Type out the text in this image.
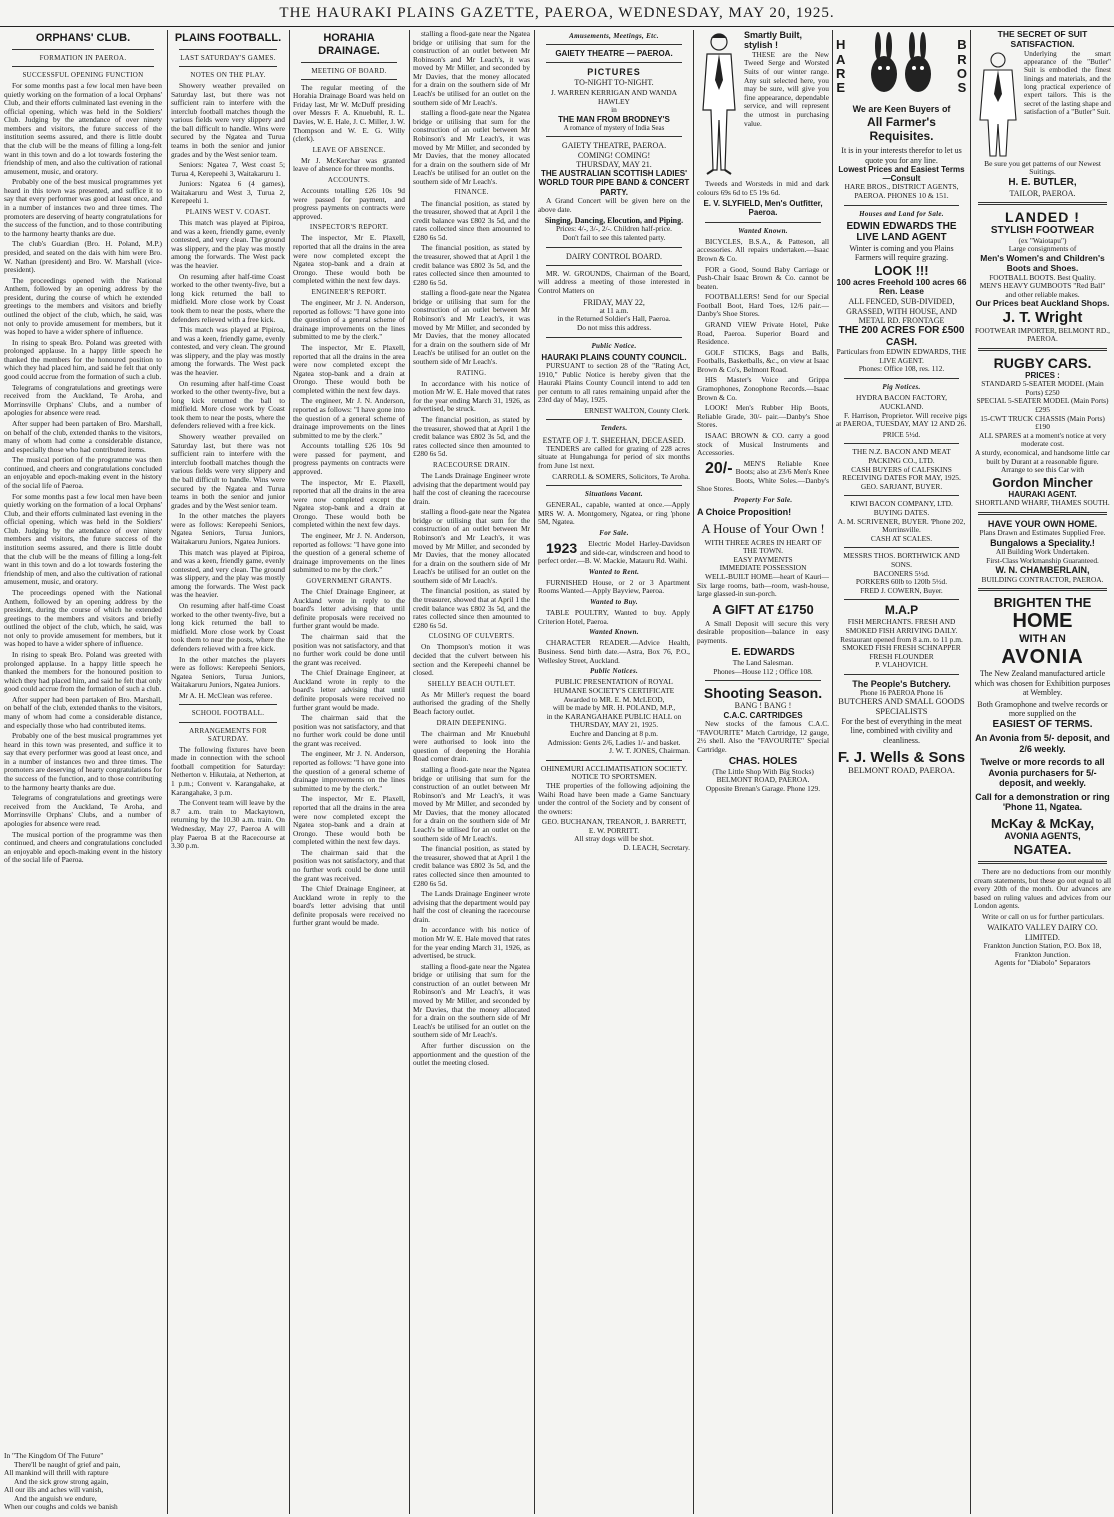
THE HAURAKI PLAINS GAZETTE, PAEROA, WEDNESDAY, MAY 20, 1925.
ORPHANS' CLUB.
FORMATION IN PAEROA.
SUCCESSFUL OPENING FUNCTION

For some months past a few local men have been quietly working on the formation of a local Orphans' Club, and their efforts culminated last evening in the official opening, which was held in the Soldiers' Club. Judging by the attendance of over ninety members and visitors, the future success of the institution seems assured, and there is little doubt that the club will be the means of filling a long-felt want in this town and do a lot towards fostering the friendship of men, and also the cultivation of rational amusement, music, and oratory.

Probably one of the best musical programmes yet heard in this town was presented, and suffice it to say that every performer was good at least once, and in a number of instances two and three times. The promoters are deserving of hearty congratulations for the success of the function, and to those contributing to the harmony hearty thanks are due.

The club's Guardian (Bro. H. Poland, M.P.) presided, and seated on the dais with him were Bro. W. Nathan (president) and Bro. W. Marshall (vice-president).

The proceedings opened with the National Anthem, followed by an opening address by the president, during the course of which he extended greetings to the members and visitors and briefly outlined the object of the club, which, he said, was not only to provide amusement for members, but it was hoped to have a wider sphere of influence.

In rising to speak Bro. Poland was greeted with prolonged applause. In a happy little speech he thanked the members for the honoured position to which they had placed him, and said he felt that only good could accrue from the formation of such a club.

Telegrams of congratulations and greetings were received from the Auckland, Te Aroha, and Morrinsville Orphans' Clubs, and a number of apologies for absence were read.

After supper had been partaken of Bro. Marshall, on behalf of the club, extended thanks to the visitors, many of whom had come a considerable distance, and especially those who had contributed items.

The musical portion of the programme was then continued, and cheers and congratulations concluded an enjoyable and epoch-making event in the history of the social life of Paeroa.

For some months past a few local men have been quietly working on the formation of a local Orphans' Club, and their efforts culminated last evening in the official opening, which was held in the Soldiers' Club. Judging by the attendance of over ninety members and visitors, the future success of the institution seems assured, and there is little doubt that the club will be the means of filling a long-felt want in this town and do a lot towards fostering the friendship of men, and also the cultivation of rational amusement, music, and oratory.

The proceedings opened with the National Anthem, followed by an opening address by the president, during the course of which he extended greetings to the members and visitors and briefly outlined the object of the club, which, he said, was not only to provide amusement for members, but it was hoped to have a wider sphere of influence.

In rising to speak Bro. Poland was greeted with prolonged applause. In a happy little speech he thanked the members for the honoured position to which they had placed him, and said he felt that only good could accrue from the formation of such a club.

After supper had been partaken of Bro. Marshall, on behalf of the club, extended thanks to the visitors, many of whom had come a considerable distance, and especially those who had contributed items.

Probably one of the best musical programmes yet heard in this town was presented, and suffice it to say that every performer was good at least once, and in a number of instances two and three times. The promoters are deserving of hearty congratulations for the success of the function, and to those contributing to the harmony hearty thanks are due.

Telegrams of congratulations and greetings were received from the Auckland, Te Aroha, and Morrinsville Orphans' Clubs, and a number of apologies for absence were read.

The musical portion of the programme was then continued, and cheers and congratulations concluded an enjoyable and epoch-making event in the history of the social life of Paeroa.

In "The Kingdom Of The Future"
There'll be naught of grief and pain,
All mankind will thrill with rapture
And the sick grow strong again,
All our ills and aches will vanish,
And the anguish we endure,
When our coughs and colds we banish
PLAINS FOOTBALL.
LAST SATURDAY'S GAMES.
NOTES ON THE PLAY.

Showery weather prevailed on Saturday last, but there was not sufficient rain to interfere with the interclub football matches though the various fields were very slippery and the ball difficult to handle. Wins were secured by the Ngatea and Turua teams in both the senior and junior grades and by the West senior team.

Seniors: Ngatea 7, West coast 5; Turua 4, Kerepeehi 3, Waitakaruru 1.

Juniors: Ngatea 6 (4 games), Waitakaruru and West 3, Turua 2, Kerepeehi 1.

PLAINS WEST V. COAST.

This match was played at Pipiroa, and was a keen, friendly game, evenly contested, and very clean. The ground was slippery, and the play was mostly among the forwards. The West pack was the heavier.

On resuming after half-time Coast worked to the other twenty-five, but a long kick returned the ball to midfield. More close work by Coast took them to near the posts, where the defenders relieved with a free kick.

This match was played at Pipiroa, and was a keen, friendly game, evenly contested, and very clean. The ground was slippery, and the play was mostly among the forwards. The West pack was the heavier.

On resuming after half-time Coast worked to the other twenty-five, but a long kick returned the ball to midfield. More close work by Coast took them to near the posts, where the defenders relieved with a free kick.

Showery weather prevailed on Saturday last, but there was not sufficient rain to interfere with the interclub football matches though the various fields were very slippery and the ball difficult to handle. Wins were secured by the Ngatea and Turua teams in both the senior and junior grades and by the West senior team.

In the other matches the players were as follows: Kerepeehi Seniors, Ngatea Seniors, Turua Juniors, Waitakaruru Juniors, Ngatea Juniors.

This match was played at Pipiroa, and was a keen, friendly game, evenly contested, and very clean. The ground was slippery, and the play was mostly among the forwards. The West pack was the heavier.

On resuming after half-time Coast worked to the other twenty-five, but a long kick returned the ball to midfield. More close work by Coast took them to near the posts, where the defenders relieved with a free kick.

In the other matches the players were as follows: Kerepeehi Seniors, Ngatea Seniors, Turua Juniors, Waitakaruru Juniors, Ngatea Juniors.

Mr A. H. McClean was referee.

SCHOOL FOOTBALL.
ARRANGEMENTS FOR SATURDAY.

The following fixtures have been made in connection with the school football competition for Saturday: Netherton v. Hikutaia, at Netherton, at 1 p.m.; Convent v. Karangahake, at Karangahake, 3 p.m.

The Convent team will leave by the 8.7 a.m. train to Mackaytown, returning by the 10.30 a.m. train. On Wednesday, May 27, Paeroa A will play Paeroa B at the Racecourse at 3.30 p.m.

HORAHIA DRAINAGE.
MEETING OF BOARD.

The regular meeting of the Horahia Drainage Board was held on Friday last, Mr W. McDuff presiding over Messrs F. A. Knuebuhl, R. L. Davies, W. E. Hale, J. C. Miller, J. W. Thompson and W. E. G. Willy (clerk).

LEAVE OF ABSENCE.

Mr J. McKerchar was granted leave of absence for three months.

ACCOUNTS.

Accounts totalling £26 10s 9d were passed for payment, and progress payments on contracts were approved.

INSPECTOR'S REPORT.

The inspector, Mr E. Plaxell, reported that all the drains in the area were now completed except the Ngatea stop-bank and a drain at Orongo. These would both be completed within the next few days.

ENGINEER'S REPORT.

The engineer, Mr J. N. Anderson, reported as follows: "I have gone into the question of a general scheme of drainage improvements on the lines submitted to me by the clerk."

The inspector, Mr E. Plaxell, reported that all the drains in the area were now completed except the Ngatea stop-bank and a drain at Orongo. These would both be completed within the next few days.

The engineer, Mr J. N. Anderson, reported as follows: "I have gone into the question of a general scheme of drainage improvements on the lines submitted to me by the clerk."

Accounts totalling £26 10s 9d were passed for payment, and progress payments on contracts were approved.

The inspector, Mr E. Plaxell, reported that all the drains in the area were now completed except the Ngatea stop-bank and a drain at Orongo. These would both be completed within the next few days.

The engineer, Mr J. N. Anderson, reported as follows: "I have gone into the question of a general scheme of drainage improvements on the lines submitted to me by the clerk."

GOVERNMENT GRANTS.

The Chief Drainage Engineer, at Auckland wrote in reply to the board's letter advising that until definite proposals were received no further grant would be made.

The chairman said that the position was not satisfactory, and that no further work could be done until the grant was received.

The Chief Drainage Engineer, at Auckland wrote in reply to the board's letter advising that until definite proposals were received no further grant would be made.

The chairman said that the position was not satisfactory, and that no further work could be done until the grant was received.

The engineer, Mr J. N. Anderson, reported as follows: "I have gone into the question of a general scheme of drainage improvements on the lines submitted to me by the clerk."

The inspector, Mr E. Plaxell, reported that all the drains in the area were now completed except the Ngatea stop-bank and a drain at Orongo. These would both be completed within the next few days.

The chairman said that the position was not satisfactory, and that no further work could be done until the grant was received.

The Chief Drainage Engineer, at Auckland wrote in reply to the board's letter advising that until definite proposals were received no further grant would be made.

stalling a flood-gate near the Ngatea bridge or utilising that sum for the construction of an outlet between Mr Robinson's and Mr Leach's, it was moved by Mr Miller, and seconded by Mr Davies, that the money allocated for a drain on the southern side of Mr Leach's be utilised for an outlet on the southern side of Mr Leach's.

stalling a flood-gate near the Ngatea bridge or utilising that sum for the construction of an outlet between Mr Robinson's and Mr Leach's, it was moved by Mr Miller, and seconded by Mr Davies, that the money allocated for a drain on the southern side of Mr Leach's be utilised for an outlet on the southern side of Mr Leach's.

FINANCE.

The financial position, as stated by the treasurer, showed that at April 1 the credit balance was £802 3s 5d, and the rates collected since then amounted to £280 6s 5d.

The financial position, as stated by the treasurer, showed that at April 1 the credit balance was £802 3s 5d, and the rates collected since then amounted to £280 6s 5d.

stalling a flood-gate near the Ngatea bridge or utilising that sum for the construction of an outlet between Mr Robinson's and Mr Leach's, it was moved by Mr Miller, and seconded by Mr Davies, that the money allocated for a drain on the southern side of Mr Leach's be utilised for an outlet on the southern side of Mr Leach's.

RATING.

In accordance with his notice of motion Mr W. E. Hale moved that rates for the year ending March 31, 1926, as advertised, be struck.

The financial position, as stated by the treasurer, showed that at April 1 the credit balance was £802 3s 5d, and the rates collected since then amounted to £280 6s 5d.

RACECOURSE DRAIN.

The Lands Drainage Engineer wrote advising that the department would pay half the cost of cleaning the racecourse drain.

stalling a flood-gate near the Ngatea bridge or utilising that sum for the construction of an outlet between Mr Robinson's and Mr Leach's, it was moved by Mr Miller, and seconded by Mr Davies, that the money allocated for a drain on the southern side of Mr Leach's be utilised for an outlet on the southern side of Mr Leach's.

The financial position, as stated by the treasurer, showed that at April 1 the credit balance was £802 3s 5d, and the rates collected since then amounted to £280 6s 5d.

CLOSING OF CULVERTS.

On Thompson's motion it was decided that the culvert between his section and the Kerepeehi channel be closed.

SHELLY BEACH OUTLET.

As Mr Miller's request the board authorised the grading of the Shelly Beach factory outlet.

DRAIN DEEPENING.

The chairman and Mr Knuebuhl were authorised to look into the question of deepening the Horahia Road corner drain.

stalling a flood-gate near the Ngatea bridge or utilising that sum for the construction of an outlet between Mr Robinson's and Mr Leach's, it was moved by Mr Miller, and seconded by Mr Davies, that the money allocated for a drain on the southern side of Mr Leach's be utilised for an outlet on the southern side of Mr Leach's.

The financial position, as stated by the treasurer, showed that at April 1 the credit balance was £802 3s 5d, and the rates collected since then amounted to £280 6s 5d.

The Lands Drainage Engineer wrote advising that the department would pay half the cost of cleaning the racecourse drain.

In accordance with his notice of motion Mr W. E. Hale moved that rates for the year ending March 31, 1926, as advertised, be struck.

stalling a flood-gate near the Ngatea bridge or utilising that sum for the construction of an outlet between Mr Robinson's and Mr Leach's, it was moved by Mr Miller, and seconded by Mr Davies, that the money allocated for a drain on the southern side of Mr Leach's be utilised for an outlet on the southern side of Mr Leach's.

After further discussion on the apportionment and the question of the outlet the meeting closed.

Amusements, Meetings, Etc.
GAIETY THEATRE — PAEROA.
PICTURES
TO-NIGHT TO-NIGHT.
J. WARREN KERRIGAN AND WANDA HAWLEY
in
THE MAN FROM BRODNEY'S
A romance of mystery of India Seas
GAIETY THEATRE, PAEROA.
COMING! COMING!
THURSDAY, MAY 21.
THE AUSTRALIAN SCOTTISH LADIES' WORLD TOUR PIPE BAND & CONCERT PARTY.

A Grand Concert will be given here on the above date.

Singing, Dancing, Elocution, and Piping.
Prices: 4/-, 3/-, 2/-. Children half-price.
Don't fail to see this talented party.
DAIRY CONTROL BOARD.

MR. W. GROUNDS, Chairman of the Board, will address a meeting of those interested in Control Matters on

FRIDAY, MAY 22,
at 11 a.m.
in the Returned Soldier's Hall, Paeroa.
Do not miss this address.
Public Notice.
HAURAKI PLAINS COUNTY COUNCIL.

PURSUANT to section 28 of the "Rating Act, 1910," Public Notice is hereby given that the Hauraki Plains County Council intend to add ten per centum to all rates remaining unpaid after the 23rd day of May, 1925.

ERNEST WALTON, County Clerk.
Tenders.
ESTATE OF J. T. SHEEHAN, DECEASED.

TENDERS are called for grazing of 228 acres situate at Hungahunga for period of six months from June 1st next.

CARROLL & SOMERS, Solicitors, Te Aroha.
Situations Vacant.

GENERAL, capable, wanted at once.—Apply MRS W. A. Montgomery, Ngatea, or ring 'phone 5M, Ngatea.

For Sale.

1923 Electric Model Harley-Davidson and side-car, windscreen and hood to perfect order.—B. W. Mackie, Matauru Rd. Waihi.

Wanted to Rent.

FURNISHED House, or 2 or 3 Apartment Rooms Wanted.—Apply Bayview, Paeroa.

Wanted to Buy.

TABLE POULTRY, Wanted to buy. Apply Criterion Hotel, Paeroa.

Wanted Known.

CHARACTER READER.—Advice Health, Business. Send birth date.—Astra, Box 76, P.O., Wellesley Street, Auckland.

Public Notices.
PUBLIC PRESENTATION of ROYAL HUMANE SOCIETY'S CERTIFICATE
Awarded to MR. E. M. McLEOD,
will be made by MR. H. POLAND, M.P.,
in the KARANGAHAKE PUBLIC HALL on THURSDAY, MAY 21, 1925.
Euchre and Dancing at 8 p.m.
Admission: Gents 2/6, Ladies 1/- and basket.
J. W. T. JONES, Chairman.
OHINEMURI ACCLIMATISATION SOCIETY.
NOTICE TO SPORTSMEN.

THE properties of the following adjoining the Waihi Road have been made a Game Sanctuary under the control of the Society and by consent of the owners:

GEO. BUCHANAN, TREANOR, J. BARRETT, E. W. PORRITT.
All stray dogs will be shot.
D. LEACH, Secretary.
Smartly Built, stylish !

THESE are the New Tweed Serge and Worsted Suits of our winter range. Any suit selected here, you may be sure, will give you fine appearance, dependable service, and will represent the utmost in purchasing value.

Tweeds and Worsteds in mid and dark colours 69s 6d to £5 19s 6d.

E. V. SLYFIELD, Men's Outfitter, Paeroa.
Wanted Known.

BICYCLES, B.S.A., & Patteson, all accessories. All repairs undertaken.—Isaac Brown & Co.

FOR a Good, Sound Baby Carriage or Push-Chair Isaac Brown & Co. cannot be beaten.

FOOTBALLERS! Send for our Special Football Boot, Hard Toes, 12/6 pair.—Danby's Shoe Stores.

GRAND VIEW Private Hotel, Puke Road, Paeroa. Superior Board and Residence.

GOLF STICKS, Bags and Balls, Footballs, Basketballs, &c., on view at Isaac Brown & Co's, Belmont Road.

HIS Master's Voice and Grippa Gramophones, Zonophone Records.—Isaac Brown & Co.

LOOK! Men's Rubber Hip Boots, Reliable Grade, 30/- pair.—Danby's Shoe Stores.

ISAAC BROWN & CO. carry a good stock of Musical Instruments and Accessories.

20/- MEN'S Reliable Knee Boots; also at 23/6 Men's Knee Boots, White Soles.—Danby's Shoe Stores.

Property For Sale.
A Choice Proposition!
A House of Your Own !
WITH THREE ACRES IN HEART OF THE TOWN.
EASY PAYMENTS
IMMEDIATE POSSESSION

WELL-BUILT HOME—heart of Kauri—Six large rooms, bath—room, wash-house, large glassed-in sun-porch.

A GIFT AT £1750

A Small Deposit will secure this very desirable proposition—balance in easy payments.

E. EDWARDS
The Land Salesman.
Phones—House 112 ; Office 108.
Shooting Season.
BANG ! BANG !
C.A.C. CARTRIDGES

New stocks of the famous C.A.C. "FAVOURITE" Match Cartridge, 12 gauge, 2½ shell. Also the "FAVOURITE" Special Cartridge.

CHAS. HOLES
(The Little Shop With Big Stocks)
BELMONT ROAD, PAEROA.
Opposite Brenan's Garage. Phone 129.
H
A
R
E
B
R
O
S
We are Keen Buyers of
All Farmer's Requisites.
It is in your interests therefor to let us quote you for any line.
Lowest Prices and Easiest Terms—Consult
HARE BROS., DISTRICT AGENTS, PAEROA. PHONES 10 & 151.
Houses and Land for Sale.
EDWIN EDWARDS THE LIVE LAND AGENT
Winter is coming and you Plains Farmers will require grazing.
LOOK !!!
100 acres Freehold 100 acres 66 Ren. Lease
ALL FENCED, SUB-DIVIDED, GRASSED, WITH HOUSE, AND METAL RD. FRONTAGE
THE 200 ACRES FOR £500 CASH.
Particulars from EDWIN EDWARDS, THE LIVE AGENT.
Phones: Office 108, res. 112.
Pig Notices.
HYDRA BACON FACTORY, AUCKLAND.

F. Harrison, Proprietor. Will receive pigs at PAEROA, TUESDAY, MAY 12 AND 26.

PRICE 5½d.
THE N.Z. BACON AND MEAT PACKING CO., LTD.
CASH BUYERS of CALFSKINS
RECEIVING DATES FOR MAY, 1925.
GEO. SARJANT, BUYER.
KIWI BACON COMPANY, LTD.
BUYING DATES.
A. M. SCRIVENER, BUYER. 'Phone 202, Morrinsville.
CASH AT SCALES.
MESSRS THOS. BORTHWICK AND SONS.
BACONERS 5½d.
PORKERS 60lb to 120lb 5½d.
FRED J. COWERN, Buyer.
M.A.P
FISH MERCHANTS. FRESH AND SMOKED FISH ARRIVING DAILY.
Restaurant opened from 8 a.m. to 11 p.m.
SMOKED FISH FRESH SCHNAPPER FRESH FLOUNDER
P. VLAHOVICH.
The People's Butchery.
Phone 16 PAEROA Phone 16
BUTCHERS AND SMALL GOODS SPECIALISTS
For the best of everything in the meat line, combined with civility and cleanliness.
F. J. Wells & Sons
BELMONT ROAD, PAEROA.
THE SECRET OF SUIT SATISFACTION.

Underlying the smart appearance of the "Butler" Suit is embodied the finest linings and materials, and the long practical experience of expert tailors. This is the secret of the lasting shape and satisfaction of a "Butler" Suit.

Be sure you get patterns of our Newest Suitings.
H. E. BUTLER,
TAILOR, PAEROA.
LANDED !
STYLISH FOOTWEAR
(ex "Waiotapu")
Large consignments of
Men's Women's and Children's Boots and Shoes.
FOOTBALL BOOTS. Best Quality.
MEN'S HEAVY GUMBOOTS "Red Ball" and other reliable makes.
Our Prices beat Auckland Shops.
J. T. Wright
FOOTWEAR IMPORTER, BELMONT RD., PAEROA.
RUGBY CARS.
PRICES :
STANDARD 5-SEATER MODEL (Main Ports) £250
SPECIAL 5-SEATER MODEL (Main Ports) £295
15-CWT TRUCK CHASSIS (Main Ports) £190
ALL SPARES at a moment's notice at very moderate cost.
A sturdy, economical, and handsome little car built by Durant at a reasonable figure.
Arrange to see this Car with
Gordon Mincher
HAURAKI AGENT.
SHORTLAND WHARF, THAMES SOUTH.
HAVE YOUR OWN HOME.
Plans Drawn and Estimates Supplied Free.
Bungalows a Speciality.!
All Building Work Undertaken.
First-Class Workmanship Guaranteed.
W. N. CHAMBERLAIN,
BUILDING CONTRACTOR, PAEROA.
BRIGHTEN THE
HOME
WITH AN
AVONIA
The New Zealand manufactured article which was chosen for Exhibition purposes at Wembley.
Both Gramophone and twelve records or more supplied on the
EASIEST OF TERMS.
An Avonia from 5/- deposit, and 2/6 weekly.
Twelve or more records to all Avonia purchasers for 5/- deposit, and weekly.
Call for a demonstration or ring 'Phone 11, Ngatea.
McKay & McKay,
AVONIA AGENTS,
NGATEA.

There are no deductions from our monthly cream statements, but these go out equal to all every 20th of the month. Our advances are based on ruling values and advices from our London agents.

Write or call on us for further particulars.

WAIKATO VALLEY DAIRY CO. LIMITED.
Frankton Junction Station, P.O. Box 18, Frankton Junction.
Agents for "Diabolo" Separators
